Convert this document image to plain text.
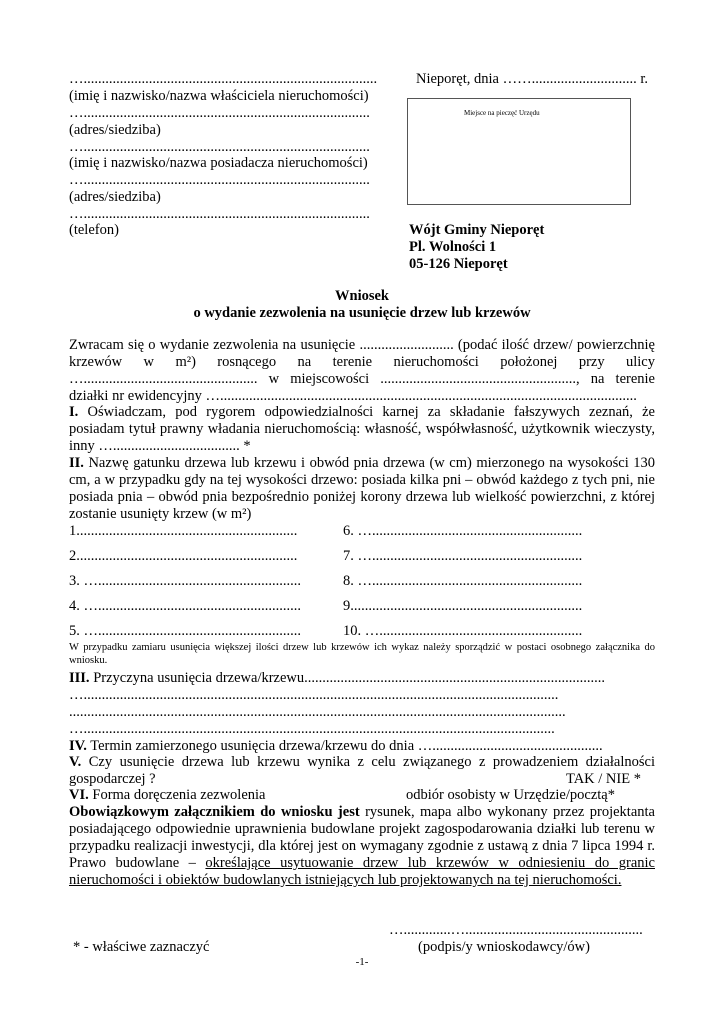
….................................................................................
(imię i nazwisko/nazwa właściciela nieruchomości)
…...............................................................................
(adres/siedziba)
…...............................................................................
(imię i nazwisko/nazwa posiadacza nieruchomości)
…...............................................................................
(adres/siedziba)
…...............................................................................
(telefon)
Nieporęt, dnia ……............................. r.
Miejsce na pieczęć Urzędu
Wójt Gminy Nieporęt
Pl. Wolności 1
05-126 Nieporęt
Wniosek
o wydanie zezwolenia na usunięcie drzew lub krzewów
Zwracam się o wydanie zezwolenia na usunięcie .......................... (podać ilość drzew/ powierzchnię krzewów w m²) rosnącego na terenie nieruchomości położonej przy ulicy …................................................ w miejscowości ......................................................, na terenie działki nr ewidencyjny …...................................................................................................................
I. Oświadczam, pod rygorem odpowiedzialności karnej za składanie fałszywych zeznań, że posiadam tytuł prawny władania nieruchomością: własność, współwłasność, użytkownik wieczysty, inny …................................... *
II. Nazwę gatunku drzewa lub krzewu i obwód pnia drzewa (w cm) mierzonego na wysokości 130 cm, a w przypadku gdy na tej wysokości drzewo: posiada kilka pni – obwód każdego z tych pni, nie posiada pnia – obwód pnia bezpośrednio poniżej korony drzewa lub wielkość powierzchni, z której zostanie usunięty krzew (w m²)
1.............................................................	6. …..........................................................
2.............................................................	7. …..........................................................
3. …........................................................	8. …..........................................................
4. …........................................................	9................................................................
5. …........................................................	10. …........................................................
W przypadku zamiaru usunięcia większej ilości drzew lub krzewów ich wykaz należy sporządzić w postaci osobnego załącznika do wniosku.
III. Przyczyna usunięcia drzewa/krzewu...................................................................................
…...................................................................................................................................
.........................................................................................................................................
…..................................................................................................................................
IV. Termin zamierzonego usunięcia drzewa/krzewu do dnia …...............................................
V. Czy usunięcie drzewa lub krzewu wynika z celu związanego z prowadzeniem działalności gospodarczej ?	TAK / NIE *
VI. Forma doręczenia zezwolenia	odbiór osobisty w Urzędzie/pocztą*
Obowiązkowym załącznikiem do wniosku jest rysunek, mapa albo wykonany przez projektanta posiadającego odpowiednie uprawnienia budowlane projekt zagospodarowania działki lub terenu w przypadku realizacji inwestycji, dla której jest on wymagany zgodnie z ustawą z dnia 7 lipca 1994 r. Prawo budowlane – określające usytuowanie drzew lub krzewów w odniesieniu do granic nieruchomości i obiektów budowlanych istniejących lub projektowanych na tej nieruchomości.
….............….................................................
(podpis/y wnioskodawcy/ów)
* - właściwe zaznaczyć
-1-
